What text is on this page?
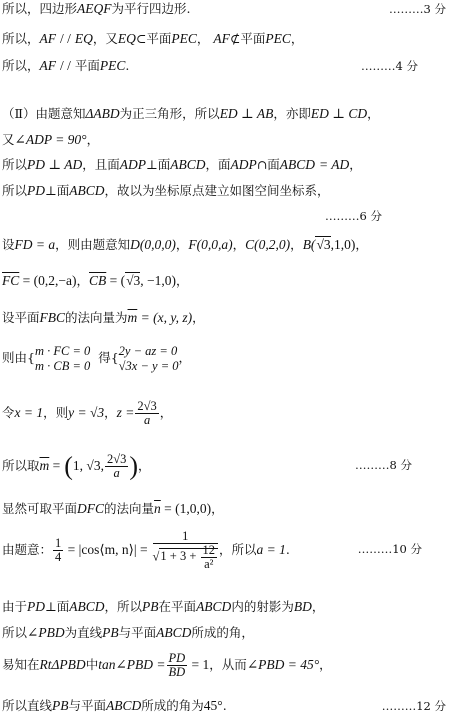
所以，四边形AEQF为平行四边形.	………3 分
所以，AF / / EQ，又EQ⊂平面PEC， AF⊄平面PEC，
所以，AF / / 平面PEC.	………4 分
（Ⅱ）由题意知ΔABD为正三角形，所以ED ⊥ AB，亦即ED ⊥ CD，
又∠ADP = 90°，
所以PD ⊥ AD，且面ADP⊥面ABCD，面ADP∩面ABCD = AD，
所以PD⊥面ABCD，故以为坐标原点建立如图空间坐标系，
………6 分
设FD = a，则由题意知D(0,0,0)，F(0,0,a)，C(0,2,0)，B(√3,1,0)，
$\overline{FC} = (0,2,-a)$，$\overline{CB} = (√3$, −1,0)，
设平面FBC的法向量为$\overline{m} = (x$, y, z)，
则由{ m · FC = 0
m · CB = 0
得{ 2y − az = 0
√3x − y = 0
，
令x = 1，则y = √3，$z = \frac{2√3}{a}$ ，
所以取$\overline{m} = (1$, √3, $\frac{2√3}{a}$ )，	………8 分
显然可取平面DFC的法向量$\overline{n} = (1,0,0)$，
由题意： $\frac{1}{4}$ = |cos⟨m, n⟩| = $\frac{1}{√1 + 3 + \frac{12}{\text{a²}}}$ ，所以a = 1.	………10 分
由于PD⊥面ABCD，所以PB在平面ABCD内的射影为BD，
所以∠PBD为直线PB与平面ABCD所成的角，
易知在RtΔPBD中tan∠PBD = $\frac{PD}{BD} = 1$，从而∠PBD = 45°，
所以直线PB与平面ABCD所成的角为45°.	………12 分
